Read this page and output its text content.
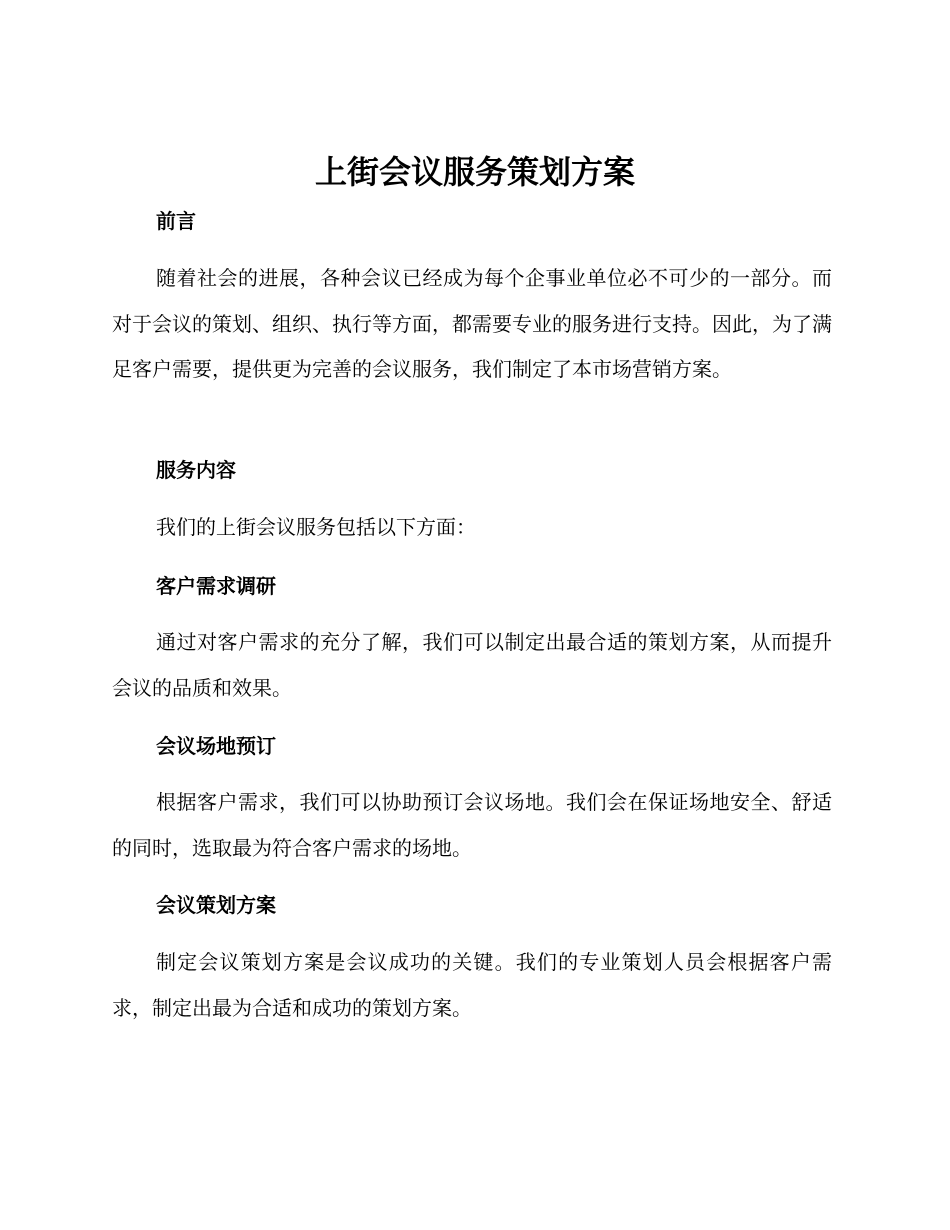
上街会议服务策划方案
前言

随着社会的进展，各种会议已经成为每个企事业单位必不可少的一部分。而对于会议的策划、组织、执行等方面，都需要专业的服务进行支持。因此，为了满足客户需要，提供更为完善的会议服务，我们制定了本市场营销方案。

服务内容

我们的上街会议服务包括以下方面：

客户需求调研

通过对客户需求的充分了解，我们可以制定出最合适的策划方案，从而提升会议的品质和效果。

会议场地预订

根据客户需求，我们可以协助预订会议场地。我们会在保证场地安全、舒适的同时，选取最为符合客户需求的场地。

会议策划方案

制定会议策划方案是会议成功的关键。我们的专业策划人员会根据客户需求，制定出最为合适和成功的策划方案。
